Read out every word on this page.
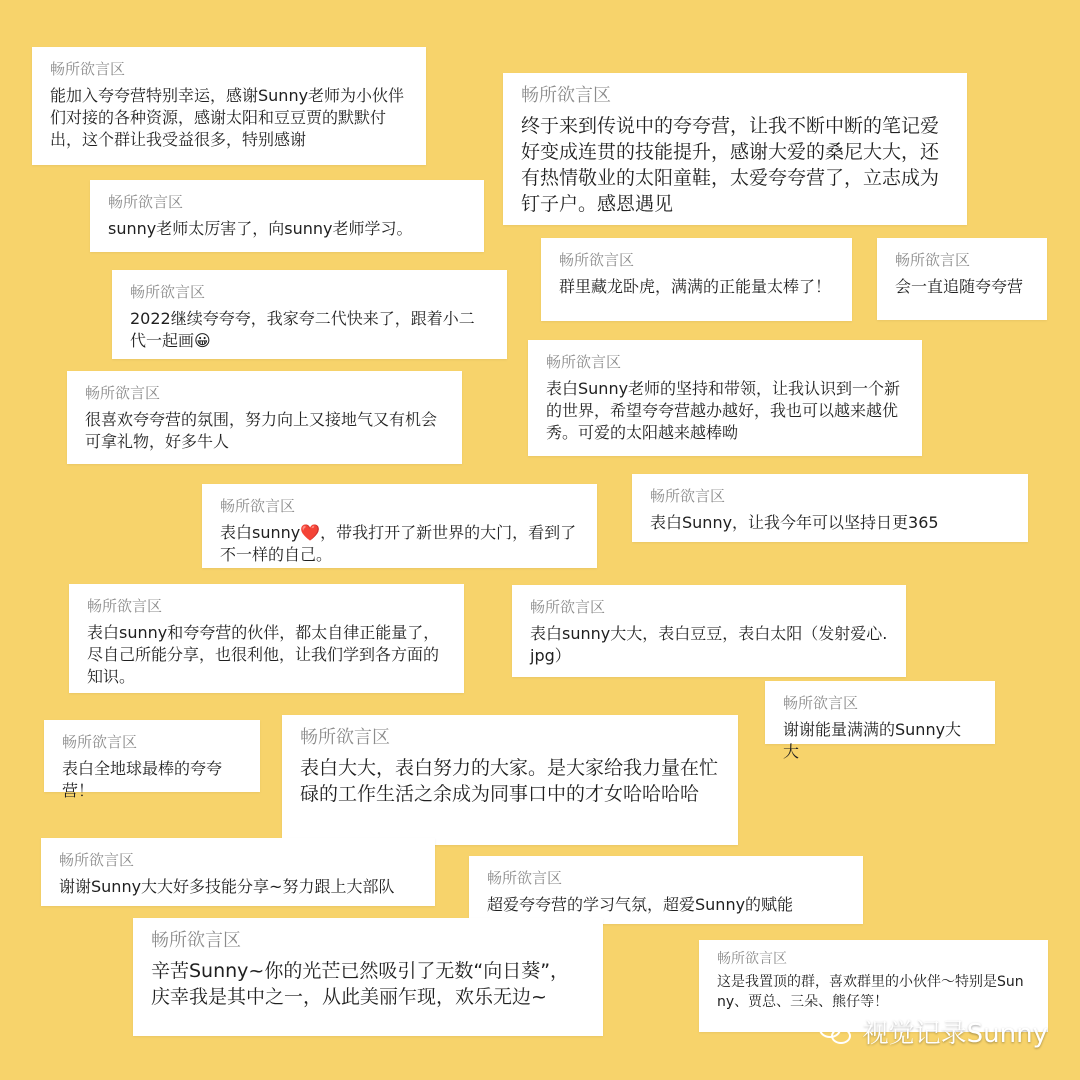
畅所欲言区
能加入夸夸营特别幸运，感谢Sunny老师为小伙伴们对接的各种资源，感谢太阳和豆豆贾的默默付出，这个群让我受益很多，特别感谢
畅所欲言区
终于来到传说中的夸夸营，让我不断中断的笔记爱好变成连贯的技能提升，感谢大爱的桑尼大大，还有热情敬业的太阳童鞋，太爱夸夸营了，立志成为钉子户。感恩遇见
畅所欲言区
sunny老师太厉害了，向sunny老师学习。
畅所欲言区
群里藏龙卧虎，满满的正能量太棒了！
畅所欲言区
会一直追随夸夸营
畅所欲言区
2022继续夸夸夸，我家夸二代快来了，跟着小二代一起画😀
畅所欲言区
表白Sunny老师的坚持和带领，让我认识到一个新的世界，希望夸夸营越办越好，我也可以越来越优秀。可爱的太阳越来越棒呦
畅所欲言区
很喜欢夸夸营的氛围，努力向上又接地气又有机会可拿礼物，好多牛人
畅所欲言区
表白sunny❤️，带我打开了新世界的大门，看到了不一样的自己。
畅所欲言区
表白Sunny，让我今年可以坚持日更365
畅所欲言区
表白sunny和夸夸营的伙伴，都太自律正能量了，尽自己所能分享，也很利他，让我们学到各方面的知识。
畅所欲言区
表白sunny大大，表白豆豆，表白太阳（发射爱心.jpg）
畅所欲言区
谢谢能量满满的Sunny大大
畅所欲言区
表白全地球最棒的夸夸营！
畅所欲言区
表白大大，表白努力的大家。是大家给我力量在忙碌的工作生活之余成为同事口中的才女哈哈哈哈
畅所欲言区
谢谢Sunny大大好多技能分享~努力跟上大部队	畅所欲言区
超爱夸夸营的学习气氛，超爱Sunny的赋能
畅所欲言区
辛苦Sunny~你的光芒已然吸引了无数“向日葵”，庆幸我是其中之一，从此美丽乍现，欢乐无边~
畅所欲言区
这是我置顶的群，喜欢群里的小伙伴～特别是Sunny、贾总、三朵、熊仔等！
视觉记录Sunny
